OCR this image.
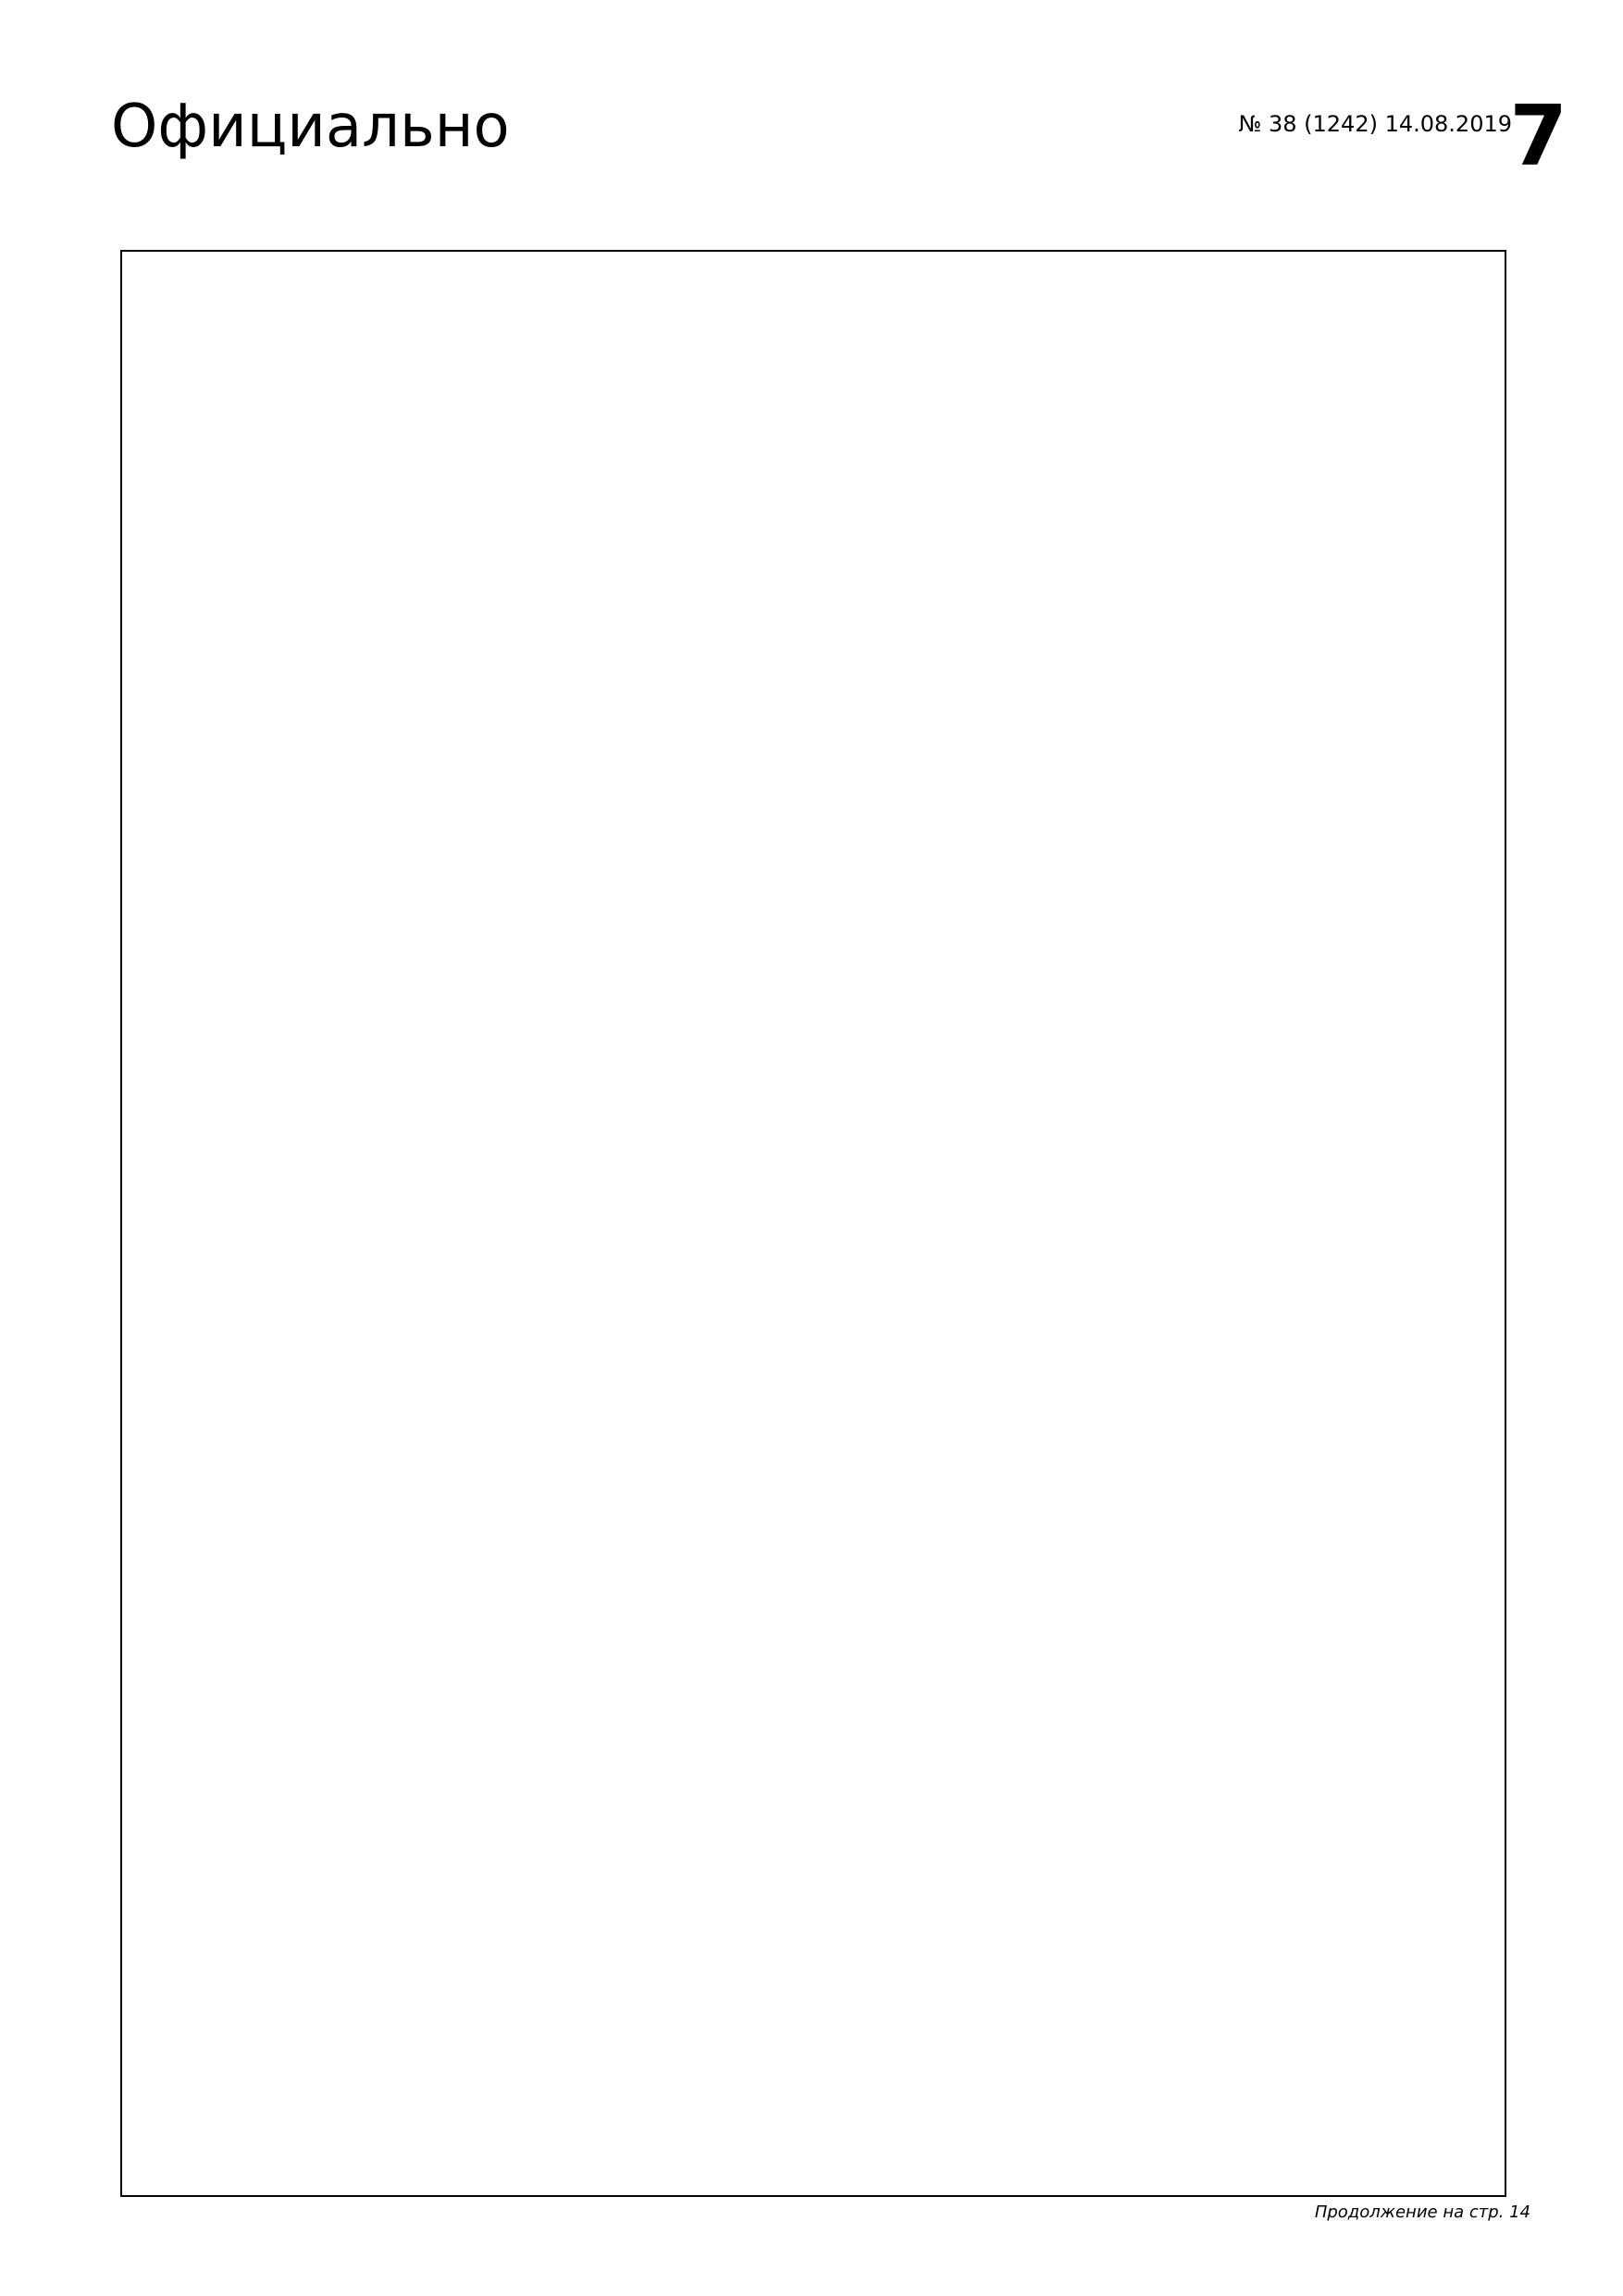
Официально	№ 38 (1242) 14.08.2019
7
Продолжение на стр. 14
